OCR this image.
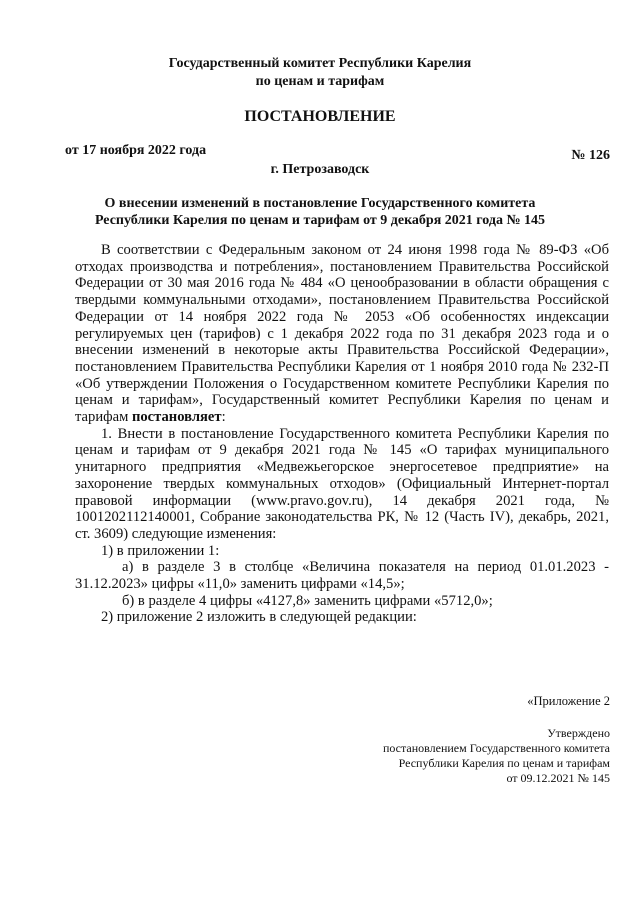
Государственный комитет Республики Карелия
по ценам и тарифам
ПОСТАНОВЛЕНИЕ
от 17 ноября 2022 года	№ 126
г. Петрозаводск
О внесении изменений в постановление Государственного комитета
Республики Карелия по ценам и тарифам от 9 декабря 2021 года № 145

В соответствии с Федеральным законом от 24 июня 1998 года № 89-ФЗ «Об отходах производства и потребления», постановлением Правительства Российской Федерации от 30 мая 2016 года № 484 «О ценообразовании в области обращения с твердыми коммунальными отходами», постановлением Правительства Российской Федерации от 14 ноября 2022 года № 2053 «Об особенностях индексации регулируемых цен (тарифов) с 1 декабря 2022 года по 31 декабря 2023 года и о внесении изменений в некоторые акты Правительства Российской Федерации», постановлением Правительства Республики Карелия от 1 ноября 2010 года № 232-П «Об утверждении Положения о Государственном комитете Республики Карелия по ценам и тарифам», Государственный комитет Республики Карелия по ценам и тарифам постановляет:

1. Внести в постановление Государственного комитета Республики Карелия по ценам и тарифам от 9 декабря 2021 года № 145 «О тарифах муниципального унитарного предприятия «Медвежьегорское энергосетевое предприятие» на захоронение твердых коммунальных отходов» (Официальный Интернет-портал правовой информации (www.pravo.gov.ru), 14 декабря 2021 года, № 1001202112140001, Собрание законодательства РК, № 12 (Часть IV), декабрь, 2021, ст. 3609) следующие изменения:

1) в приложении 1:

а) в разделе 3 в столбце «Величина показателя на период 01.01.2023 - 31.12.2023» цифры «11,0» заменить цифрами «14,5»;

б) в разделе 4 цифры «4127,8» заменить цифрами «5712,0»;

2) приложение 2 изложить в следующей редакции:

«Приложение 2
Утверждено
постановлением Государственного комитета
Республики Карелия по ценам и тарифам
от 09.12.2021 № 145
